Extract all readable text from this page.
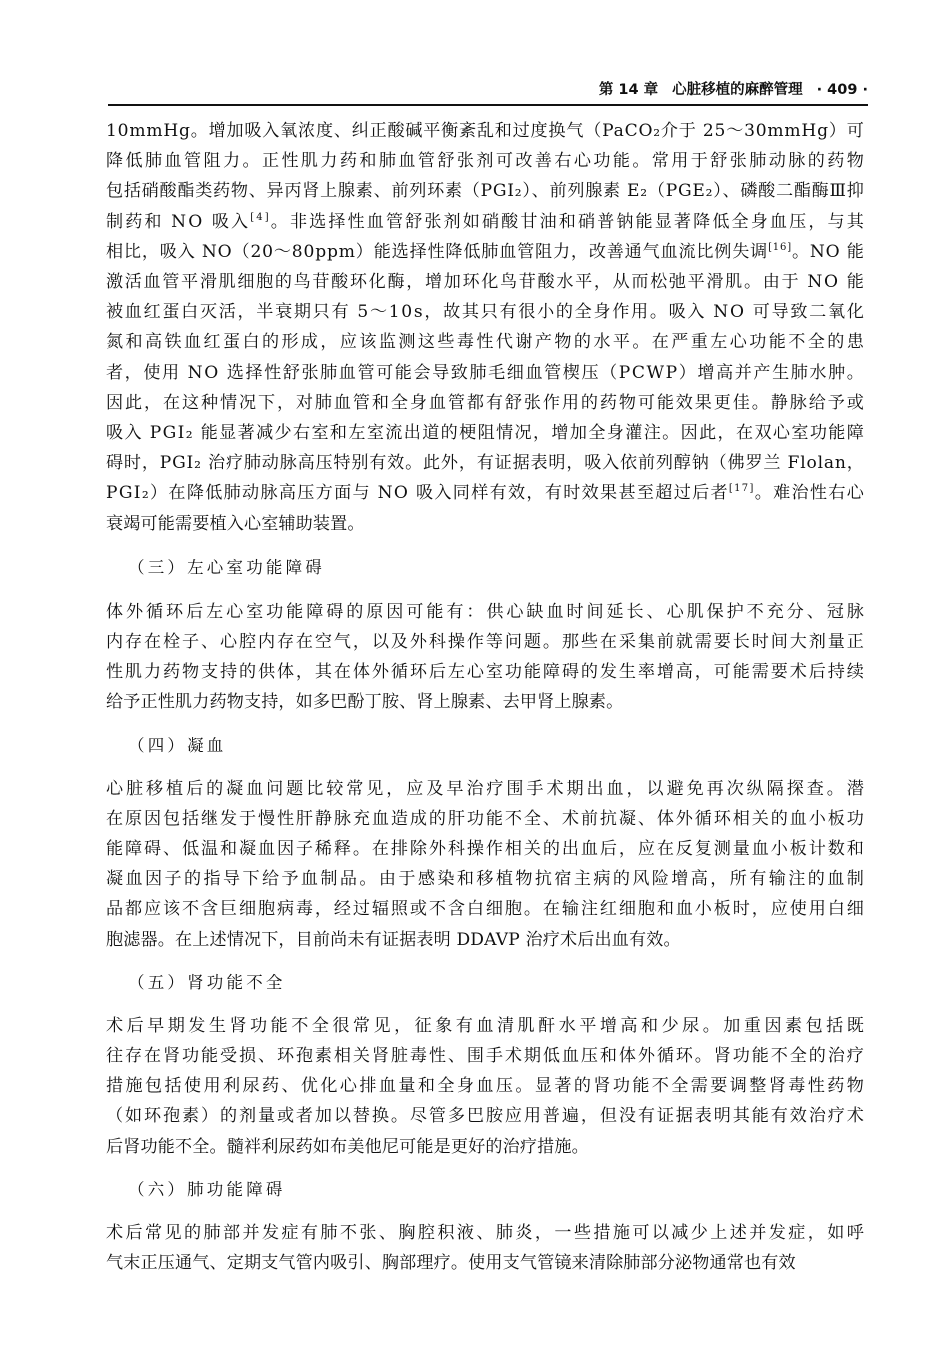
第 14 章 心脏移植的麻醉管理 · 409 ·
10mmHg。增加吸入氧浓度、纠正酸碱平衡紊乱和过度换气（PaCO₂介于 25～30mmHg）可
降低肺血管阻力。正性肌力药和肺血管舒张剂可改善右心功能。常用于舒张肺动脉的药物
包括硝酸酯类药物、异丙肾上腺素、前列环素（PGI₂）、前列腺素 E₂（PGE₂）、磷酸二酯酶Ⅲ抑
制药和 NO 吸入[4]。非选择性血管舒张剂如硝酸甘油和硝普钠能显著降低全身血压，与其
相比，吸入 NO（20～80ppm）能选择性降低肺血管阻力，改善通气血流比例失调[16]。NO 能
激活血管平滑肌细胞的鸟苷酸环化酶，增加环化鸟苷酸水平，从而松弛平滑肌。由于 NO 能
被血红蛋白灭活，半衰期只有 5～10s，故其只有很小的全身作用。吸入 NO 可导致二氧化
氮和高铁血红蛋白的形成，应该监测这些毒性代谢产物的水平。在严重左心功能不全的患
者，使用 NO 选择性舒张肺血管可能会导致肺毛细血管楔压（PCWP）增高并产生肺水肿。
因此，在这种情况下，对肺血管和全身血管都有舒张作用的药物可能效果更佳。静脉给予或
吸入 PGI₂ 能显著减少右室和左室流出道的梗阻情况，增加全身灌注。因此，在双心室功能障
碍时，PGI₂ 治疗肺动脉高压特别有效。此外，有证据表明，吸入依前列醇钠（佛罗兰 Flolan，
PGI₂）在降低肺动脉高压方面与 NO 吸入同样有效，有时效果甚至超过后者[17]。难治性右心
衰竭可能需要植入心室辅助装置。
（三）左心室功能障碍
体外循环后左心室功能障碍的原因可能有：供心缺血时间延长、心肌保护不充分、冠脉
内存在栓子、心腔内存在空气，以及外科操作等问题。那些在采集前就需要长时间大剂量正
性肌力药物支持的供体，其在体外循环后左心室功能障碍的发生率增高，可能需要术后持续
给予正性肌力药物支持，如多巴酚丁胺、肾上腺素、去甲肾上腺素。
（四）凝血
心脏移植后的凝血问题比较常见，应及早治疗围手术期出血，以避免再次纵隔探查。潜
在原因包括继发于慢性肝静脉充血造成的肝功能不全、术前抗凝、体外循环相关的血小板功
能障碍、低温和凝血因子稀释。在排除外科操作相关的出血后，应在反复测量血小板计数和
凝血因子的指导下给予血制品。由于感染和移植物抗宿主病的风险增高，所有输注的血制
品都应该不含巨细胞病毒，经过辐照或不含白细胞。在输注红细胞和血小板时，应使用白细
胞滤器。在上述情况下，目前尚未有证据表明 DDAVP 治疗术后出血有效。
（五）肾功能不全
术后早期发生肾功能不全很常见，征象有血清肌酐水平增高和少尿。加重因素包括既
往存在肾功能受损、环孢素相关肾脏毒性、围手术期低血压和体外循环。肾功能不全的治疗
措施包括使用利尿药、优化心排血量和全身血压。显著的肾功能不全需要调整肾毒性药物
（如环孢素）的剂量或者加以替换。尽管多巴胺应用普遍，但没有证据表明其能有效治疗术
后肾功能不全。髓袢利尿药如布美他尼可能是更好的治疗措施。
（六）肺功能障碍
术后常见的肺部并发症有肺不张、胸腔积液、肺炎，一些措施可以减少上述并发症，如呼
气末正压通气、定期支气管内吸引、胸部理疗。使用支气管镜来清除肺部分泌物通常也有效
